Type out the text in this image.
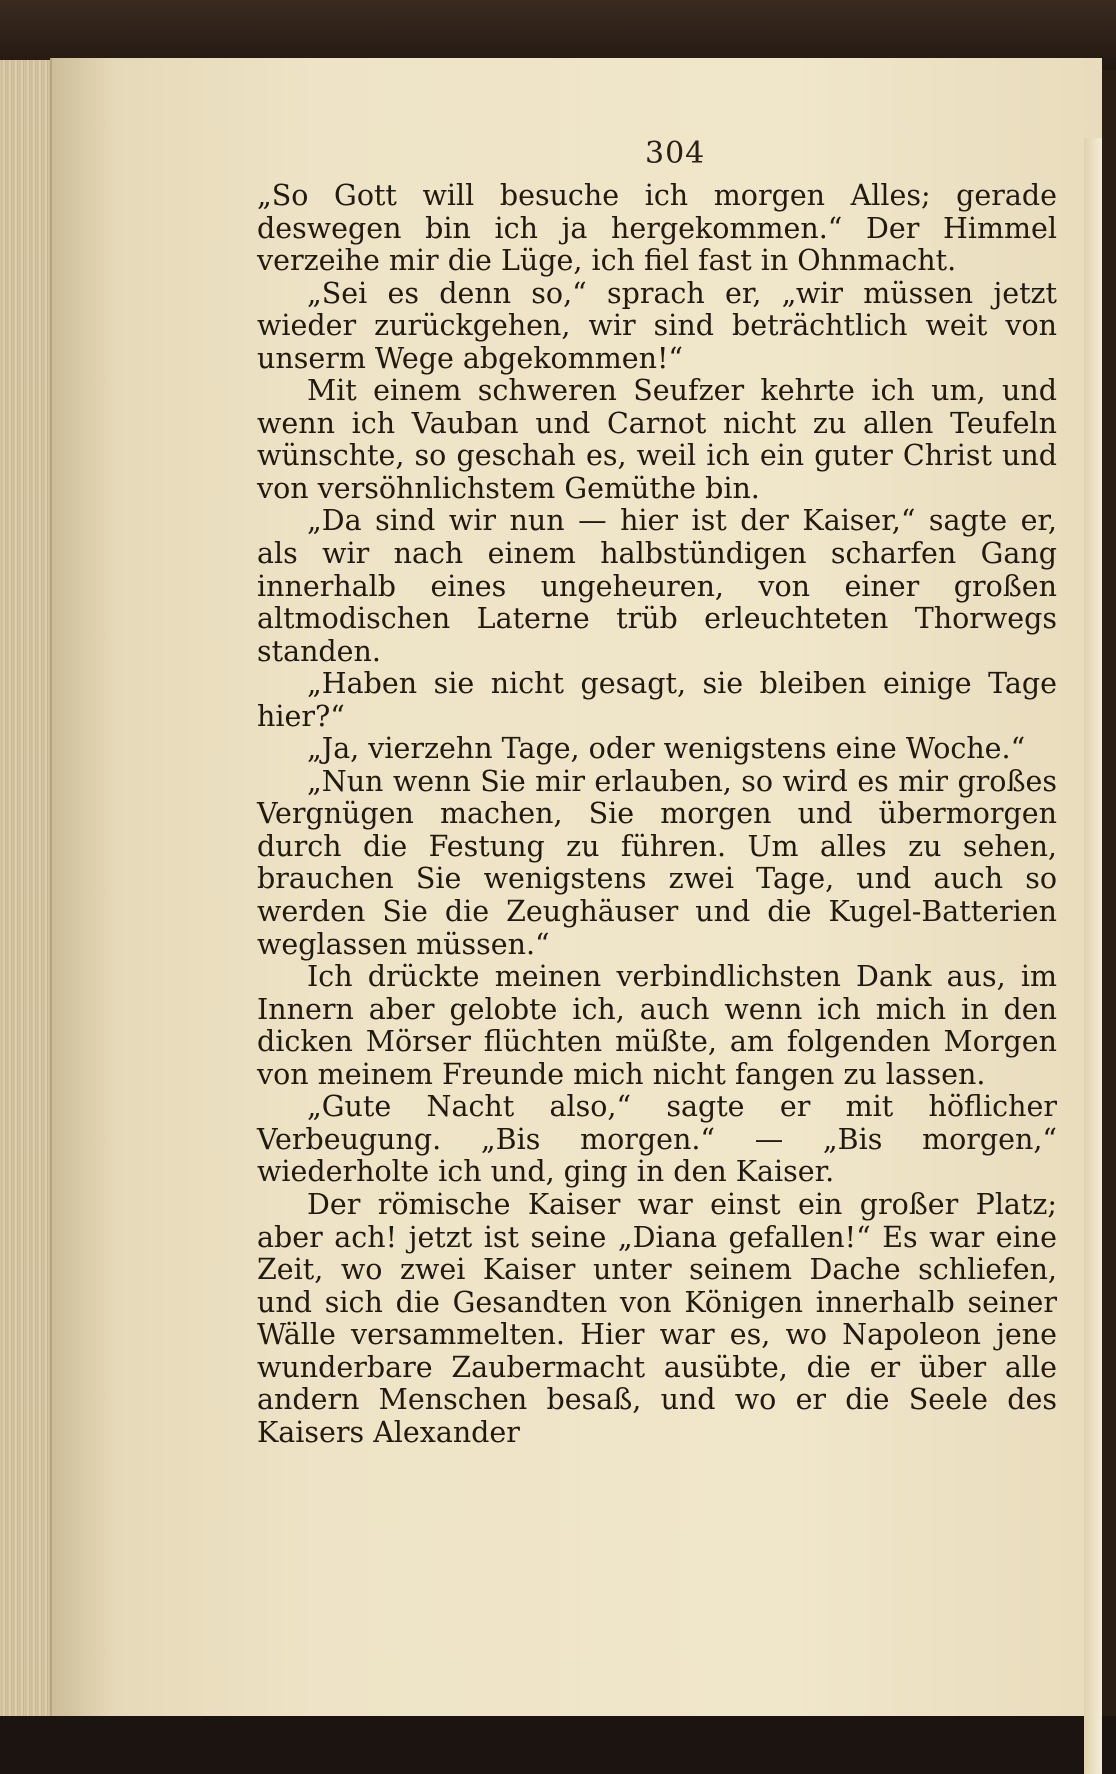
304

„So Gott will besuche ich morgen Alles; gerade deswegen bin ich ja hergekommen.“ Der Himmel verzeihe mir die Lüge, ich fiel fast in Ohnmacht.

„Sei es denn so,“ sprach er, „wir müssen jetzt wieder zurückgehen, wir sind beträchtlich weit von unserm Wege abgekommen!“

Mit einem schweren Seufzer kehrte ich um, und wenn ich Vauban und Carnot nicht zu allen Teufeln wünschte, so geschah es, weil ich ein guter Christ und von versöhnlichstem Gemüthe bin.

„Da sind wir nun — hier ist der Kaiser,“ sagte er, als wir nach einem halbstündigen scharfen Gang innerhalb eines ungeheuren, von einer großen altmodischen Laterne trüb erleuchteten Thorwegs standen.

„Haben sie nicht gesagt, sie bleiben einige Tage hier?“

„Ja, vierzehn Tage, oder wenigstens eine Woche.“

„Nun wenn Sie mir erlauben, so wird es mir großes Vergnügen machen, Sie morgen und übermorgen durch die Festung zu führen. Um alles zu sehen, brauchen Sie wenigstens zwei Tage, und auch so werden Sie die Zeughäuser und die Kugel-Batterien weglassen müssen.“

Ich drückte meinen verbindlichsten Dank aus, im Innern aber gelobte ich, auch wenn ich mich in den dicken Mörser flüchten müßte, am folgenden Morgen von meinem Freunde mich nicht fangen zu lassen.

„Gute Nacht also,“ sagte er mit höflicher Verbeugung. „Bis morgen.“ — „Bis morgen,“ wiederholte ich und, ging in den Kaiser.

Der römische Kaiser war einst ein großer Platz; aber ach! jetzt ist seine „Diana gefallen!“ Es war eine Zeit, wo zwei Kaiser unter seinem Dache schliefen, und sich die Gesandten von Königen innerhalb seiner Wälle versammelten. Hier war es, wo Napoleon jene wunderbare Zaubermacht ausübte, die er über alle andern Menschen besaß, und wo er die Seele des Kaisers Alexander
